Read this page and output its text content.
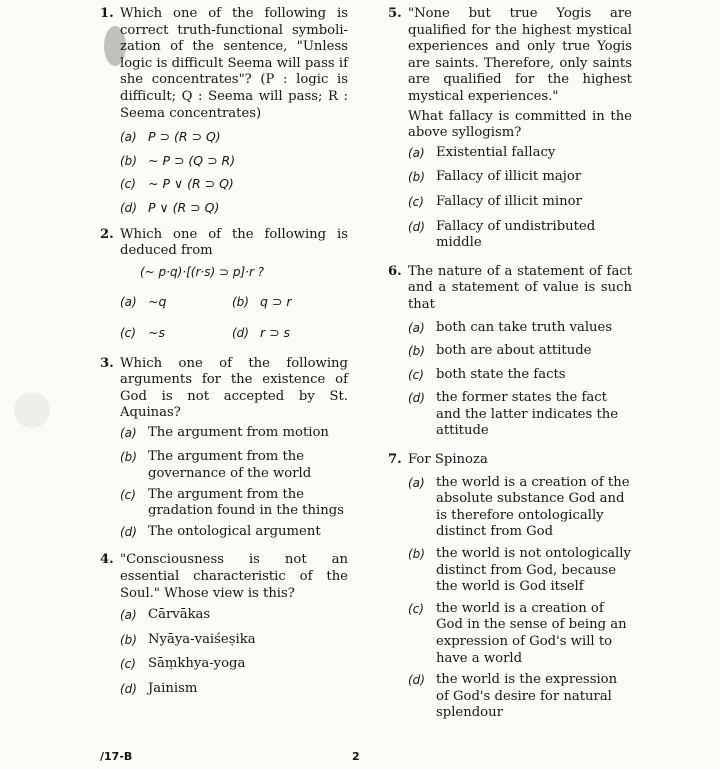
1. Which one of the following is correct truth-functional symboli-zation of the sentence, "Unless logic is difficult Seema will pass if she concentrates"? (P : logic is difficult; Q : Seema will pass; R : Seema concentrates)
(a) P ⊃ (R ⊃ Q)
(b) ~ P ⊃ (Q ⊃ R)
(c) ~ P ∨ (R ⊃ Q)
(d) P ∨ (R ⊃ Q)
2. Which one of the following is deduced from
(~ p·q)·[(r·s) ⊃ p]·r ?
(a) ~q	(b) q ⊃ r
(c) ~s	(d) r ⊃ s
3. Which one of the following arguments for the existence of God is not accepted by St. Aquinas?
(a) The argument from motion
(b) The argument from the governance of the world
(c) The argument from the gradation found in the things
(d) The ontological argument
4. "Consciousness is not an essential characteristic of the Soul." Whose view is this?
(a) Cārvākas
(b) Nyāya-vaiśeṣika
(c) Sāṃkhya-yoga
(d) Jainism
5. "None but true Yogis are qualified for the highest mystical experiences and only true Yogis are saints. Therefore, only saints are qualified for the highest mystical experiences."
What fallacy is committed in the above syllogism?
(a) Existential fallacy
(b) Fallacy of illicit major
(c) Fallacy of illicit minor
(d) Fallacy of undistributed middle
6. The nature of a statement of fact and a statement of value is such that
(a) both can take truth values
(b) both are about attitude
(c) both state the facts
(d) the former states the fact and the latter indicates the attitude
7. For Spinoza
(a) the world is a creation of the absolute substance God and is therefore ontologically distinct from God
(b) the world is not ontologically distinct from God, because the world is God itself
(c) the world is a creation of God in the sense of being an expression of God's will to have a world
(d) the world is the expression of God's desire for natural splendour
/17-B	2
